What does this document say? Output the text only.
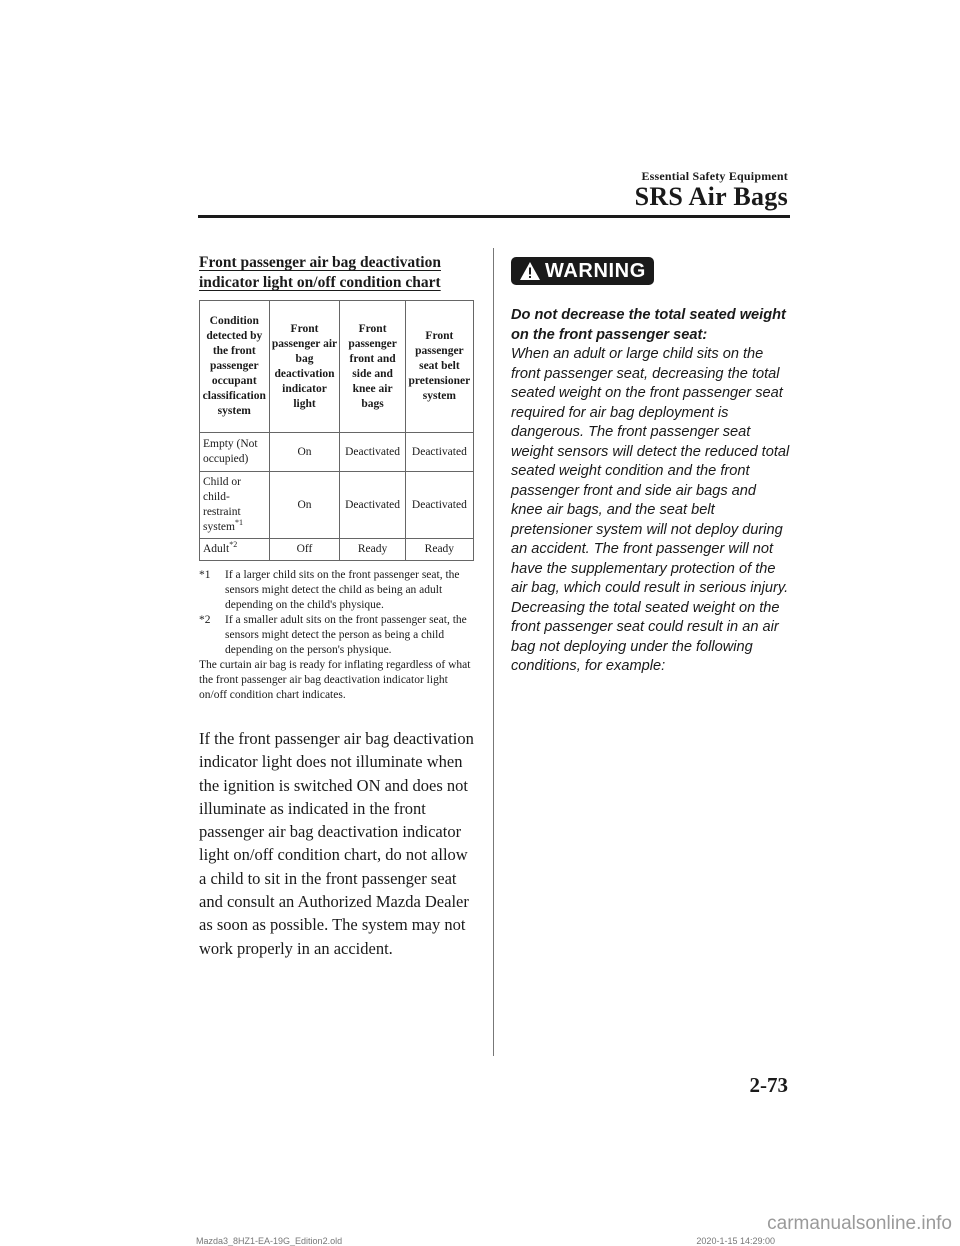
Essential Safety Equipment
SRS Air Bags
Front passenger air bag deactivation indicator light on/off condition chart
Condition detected by the front passenger occupant classification system	Front passenger air bag deactivation indicator light	Front passenger front and side and knee air bags	Front passenger seat belt pretensioner system
Empty (Not occupied)	On	Deactivated	Deactivated
Child or child-restraint system$^{*1}$	On	Deactivated	Deactivated
Adult$^{*2}$	Off	Ready	Ready
*1	If a larger child sits on the front passenger seat, the sensors might detect the child as being an adult depending on the child's physique.
*2	If a smaller adult sits on the front passenger seat, the sensors might detect the person as being a child depending on the person's physique.
The curtain air bag is ready for inflating regardless of what the front passenger air bag deactivation indicator light on/off condition chart indicates.

If the front passenger air bag deactivation indicator light does not illuminate when the ignition is switched ON and does not illuminate as indicated in the front passenger air bag deactivation indicator light on/off condition chart, do not allow a child to sit in the front passenger seat and consult an Authorized Mazda Dealer as soon as possible. The system may not work properly in an accident.

WARNING
Do not decrease the total seated weight on the front passenger seat:
When an adult or large child sits on the front passenger seat, decreasing the total seated weight on the front passenger seat required for air bag deployment is dangerous. The front passenger seat weight sensors will detect the reduced total seated weight condition and the front passenger front and side air bags and knee air bags, and the seat belt pretensioner system will not deploy during an accident. The front passenger will not have the supplementary protection of the air bag, which could result in serious injury. Decreasing the total seated weight on the front passenger seat could result in an air bag not deploying under the following conditions, for example:
2-73
Mazda3_8HZ1-EA-19G_Edition2.old	2020-1-15 14:29:00
carmanualsonline.info
